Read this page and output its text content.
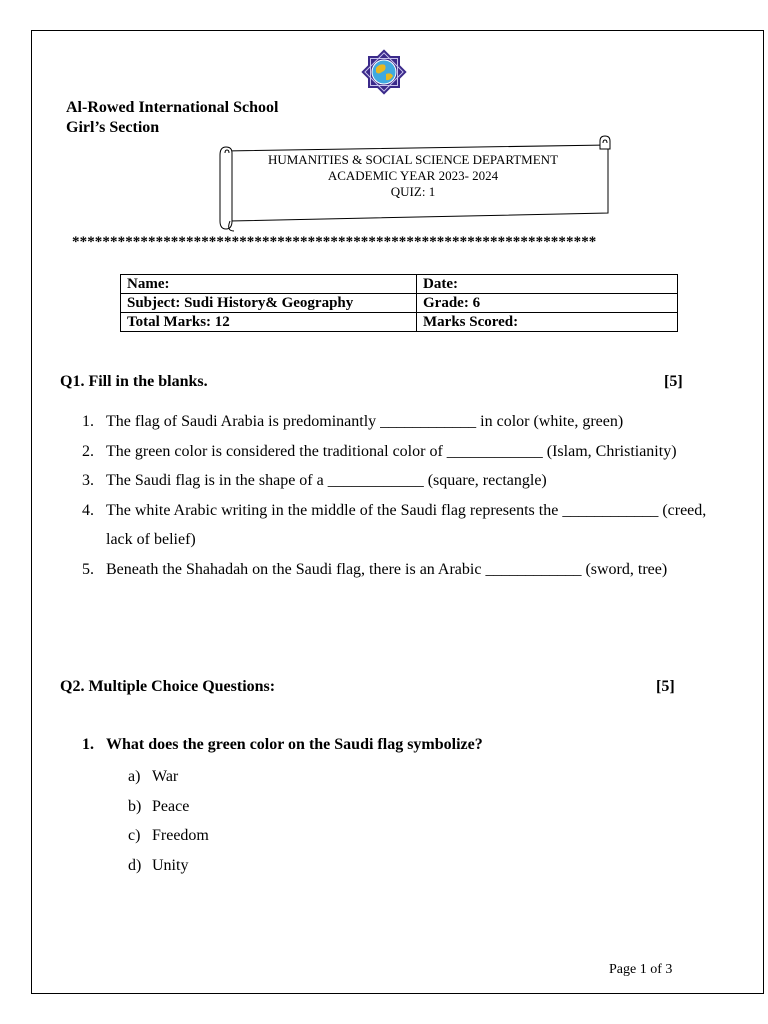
Al-Rowed International School
Girl’s Section
HUMANITIES & SOCIAL SCIENCE DEPARTMENT
ACADEMIC YEAR 2023- 2024
QUIZ: 1
*********************************************************************
Name:	Date:
Subject: Sudi History& Geography	Grade: 6
Total Marks: 12	Marks Scored:
Q1. Fill in the blanks.	[5]
1. The flag of Saudi Arabia is predominantly ____________ in color (white, green)
2. The green color is considered the traditional color of ____________ (Islam, Christianity)
3. The Saudi flag is in the shape of a ____________ (square, rectangle)
4. The white Arabic writing in the middle of the Saudi flag represents the ____________ (creed, lack of belief)
5. Beneath the Shahadah on the Saudi flag, there is an Arabic ____________ (sword, tree)
Q2. Multiple Choice Questions:	[5]
1. What does the green color on the Saudi flag symbolize?
a) War
b) Peace
c) Freedom
d) Unity
Page 1 of 3
